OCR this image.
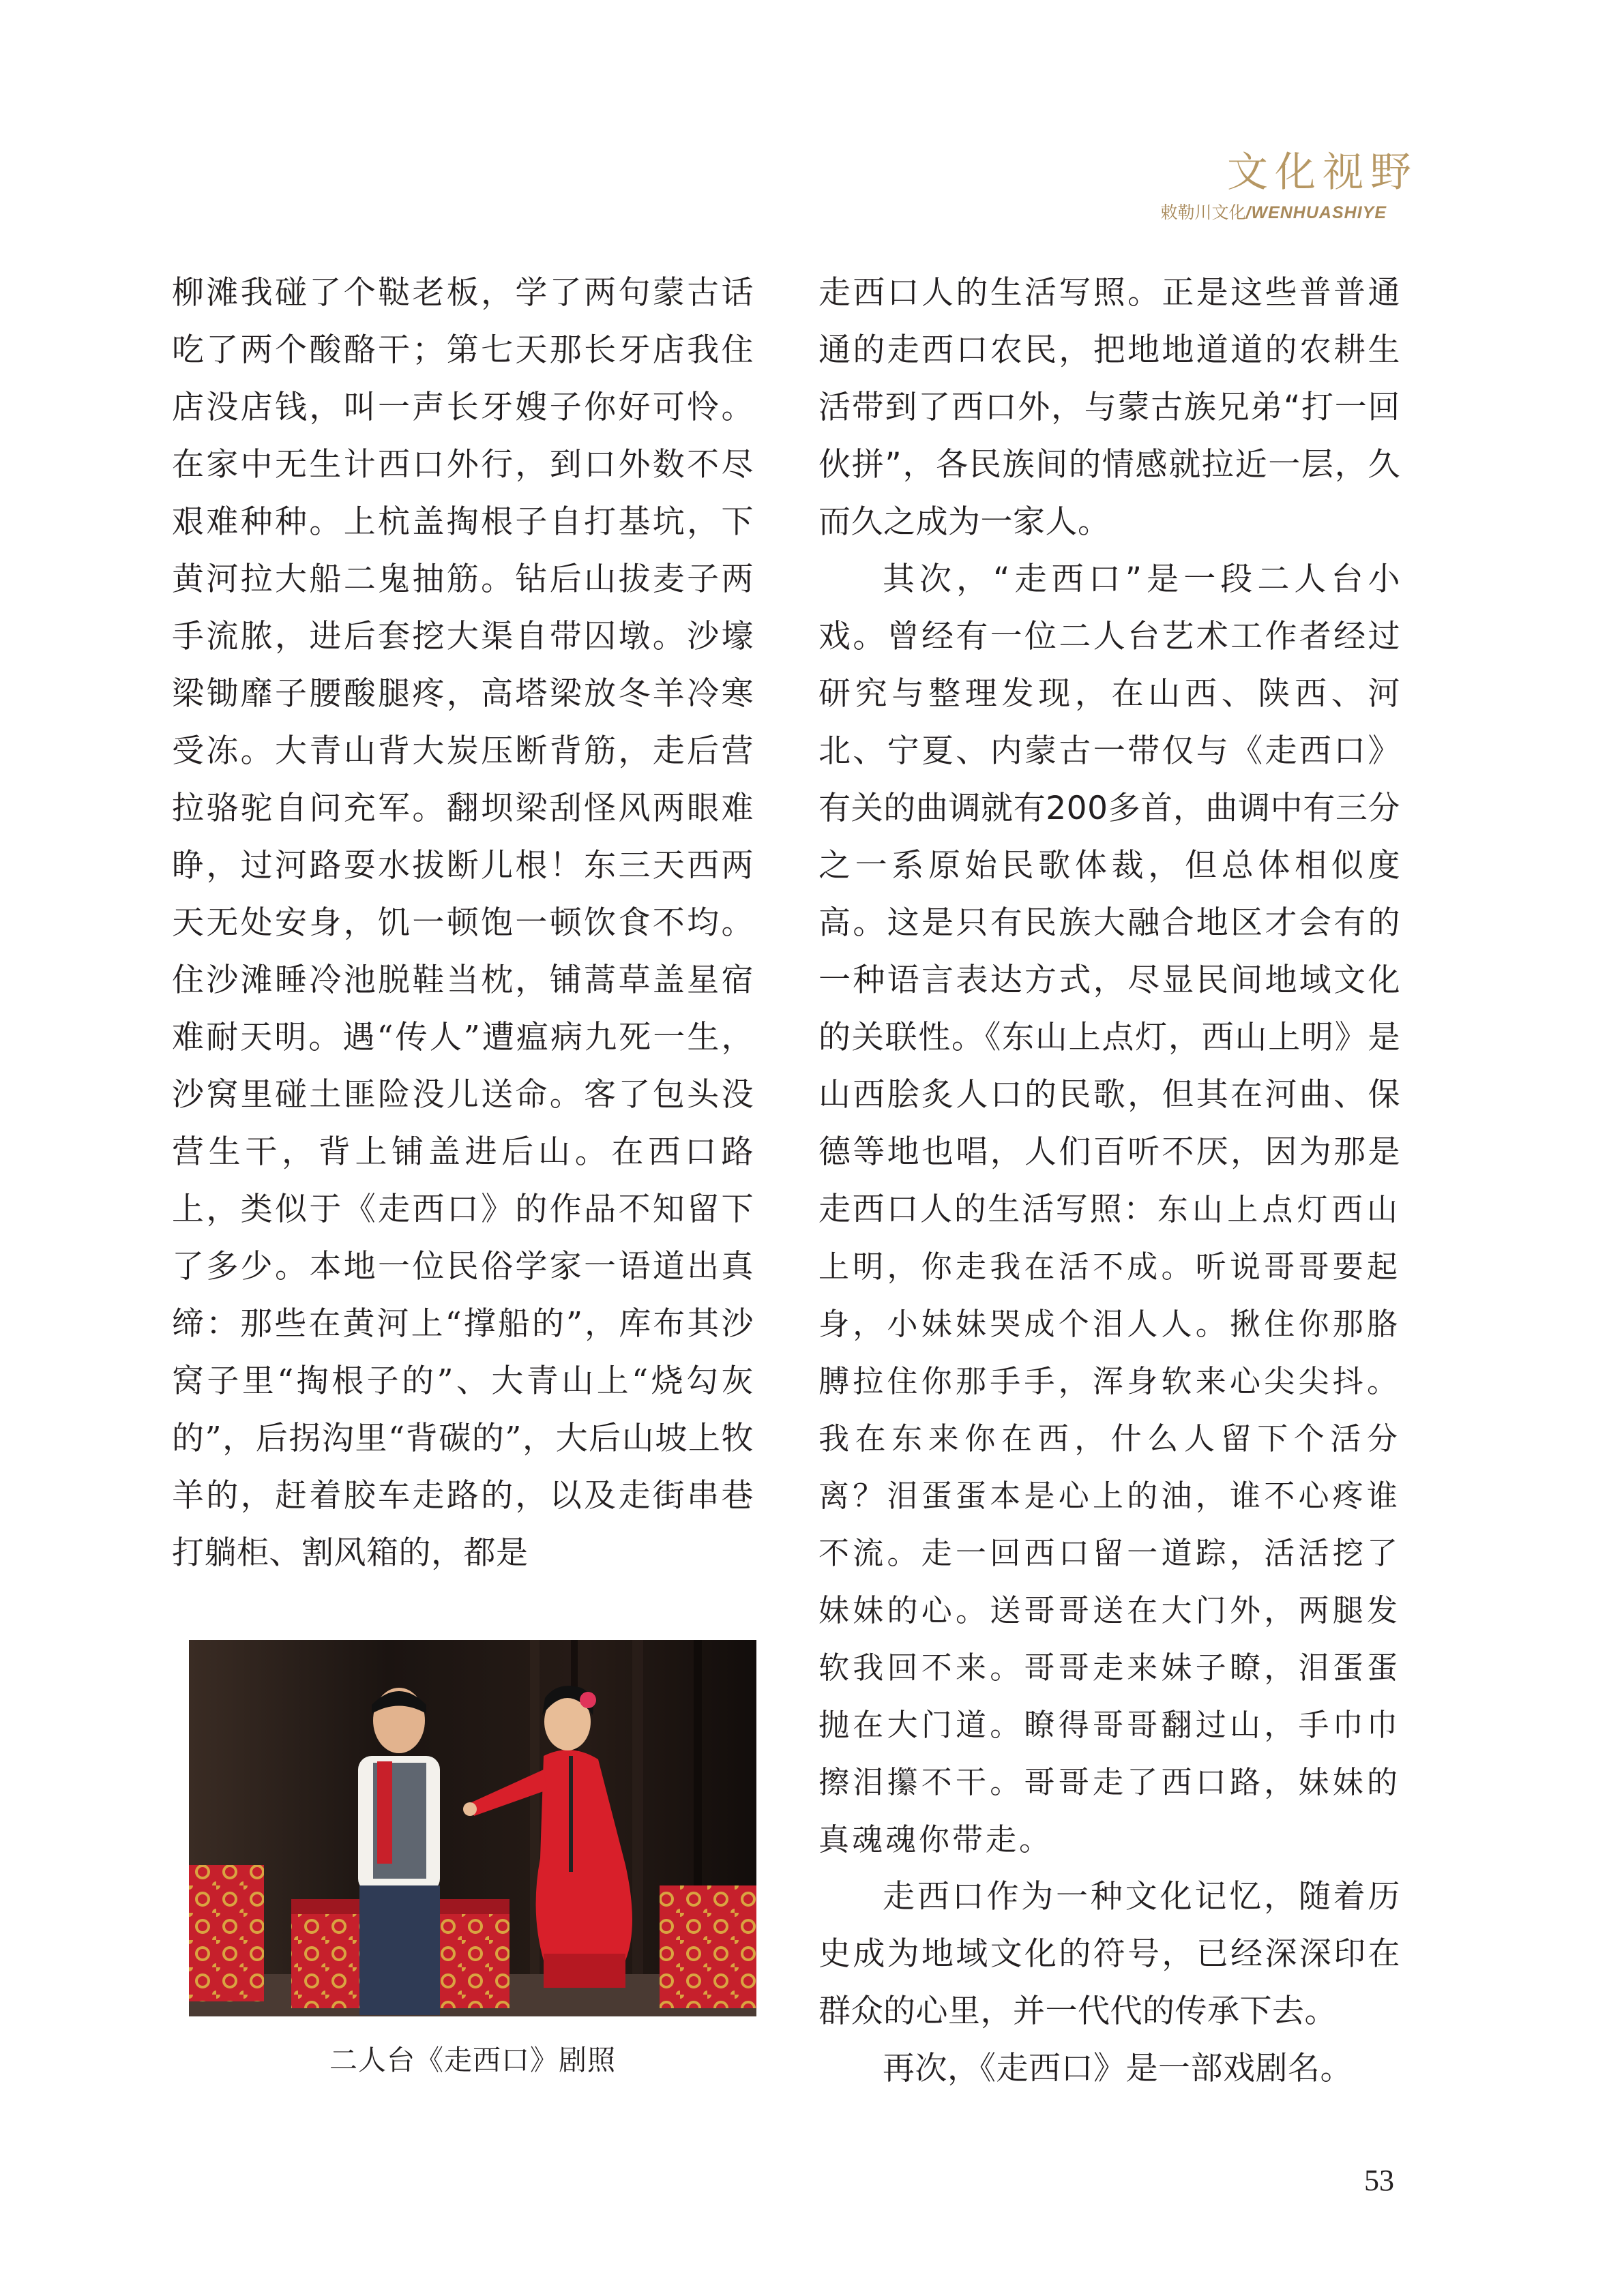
文化视野
敕勒川文化/WENHUASHIYE

柳滩我碰了个鞑老板，学了两句蒙古话吃了两个酸酪干；第七天那长牙店我住店没店钱，叫一声长牙嫂子你好可怜。在家中无生计西口外行，到口外数不尽艰难种种。上杭盖掏根子自打基坑，下黄河拉大船二鬼抽筋。钻后山拔麦子两手流脓，进后套挖大渠自带囚墩。沙壕梁锄靡子腰酸腿疼，高塔梁放冬羊冷寒受冻。大青山背大炭压断背筋，走后营拉骆驼自问充军。翻坝梁刮怪风两眼难睁，过河路耍水拔断儿根！东三天西两天无处安身，饥一顿饱一顿饮食不均。住沙滩睡冷池脱鞋当枕，铺蒿草盖星宿难耐天明。遇“传人”遭瘟病九死一生，沙窝里碰土匪险没儿送命。客了包头没营生干，背上铺盖进后山。在西口路上，类似于《走西口》的作品不知留下了多少。本地一位民俗学家一语道出真缔：那些在黄河上“撑船的”，库布其沙窝子里“掏根子的”、大青山上“烧勾灰的”，后拐沟里“背碳的”，大后山坡上牧羊的，赶着胶车走路的，以及走街串巷打躺柜、割风箱的，都是

二人台《走西口》剧照

走西口人的生活写照。正是这些普普通通的走西口农民，把地地道道的农耕生活带到了西口外，与蒙古族兄弟“打一回伙拼”，各民族间的情感就拉近一层，久而久之成为一家人。

其次，“走西口”是一段二人台小戏。曾经有一位二人台艺术工作者经过研究与整理发现，在山西、陕西、河北、宁夏、内蒙古一带仅与《走西口》有关的曲调就有200多首，曲调中有三分之一系原始民歌体裁，但总体相似度高。这是只有民族大融合地区才会有的一种语言表达方式，尽显民间地域文化的关联性。《东山上点灯，西山上明》是山西脍炙人口的民歌，但其在河曲、保德等地也唱，人们百听不厌，因为那是走西口人的生活写照：东山上点灯西山上明，你走我在活不成。听说哥哥要起身，小妹妹哭成个泪人人。揪住你那胳膊拉住你那手手，浑身软来心尖尖抖。我在东来你在西，什么人留下个活分离？泪蛋蛋本是心上的油，谁不心疼谁不流。走一回西口留一道踪，活活挖了妹妹的心。送哥哥送在大门外，两腿发软我回不来。哥哥走来妹子瞭，泪蛋蛋抛在大门道。瞭得哥哥翻过山，手巾巾擦泪攥不干。哥哥走了西口路，妹妹的真魂魂你带走。

走西口作为一种文化记忆，随着历史成为地域文化的符号，已经深深印在群众的心里，并一代代的传承下去。

再次，《走西口》是一部戏剧名。

53
